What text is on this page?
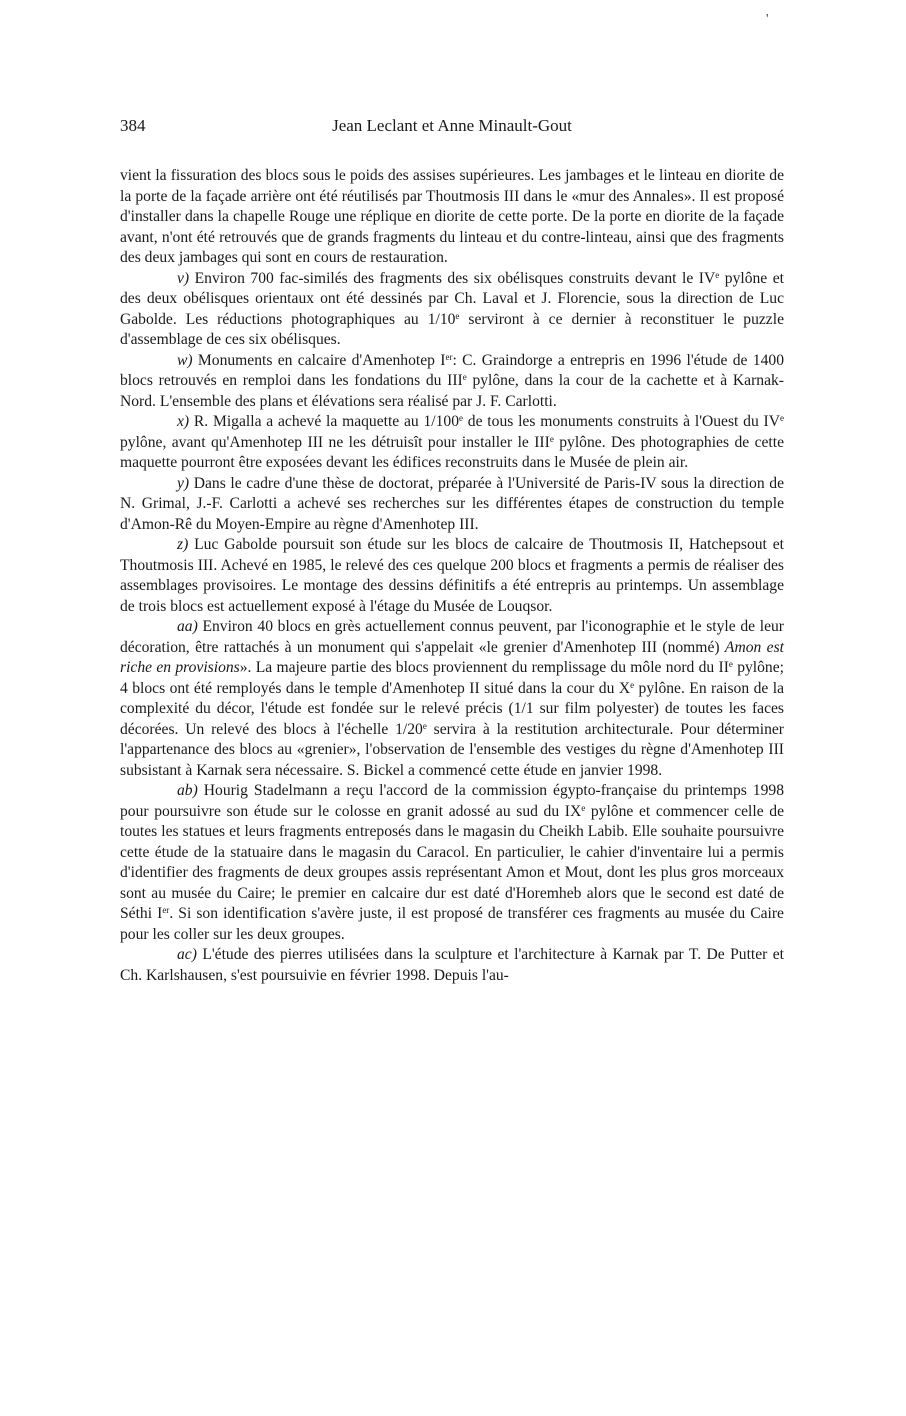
'
384	Jean Leclant et Anne Minault-Gout

vient la fissuration des blocs sous le poids des assises supérieures. Les jambages et le linteau en diorite de la porte de la façade arrière ont été réutilisés par Thoutmosis III dans le «mur des Annales». Il est proposé d'installer dans la chapelle Rouge une réplique en diorite de cette porte. De la porte en diorite de la façade avant, n'ont été retrouvés que de grands fragments du linteau et du contre-linteau, ainsi que des fragments des deux jambages qui sont en cours de restauration.

v) Environ 700 fac-similés des fragments des six obélisques construits devant le IVe pylône et des deux obélisques orientaux ont été dessinés par Ch. Laval et J. Florencie, sous la direction de Luc Gabolde. Les réductions photographiques au 1/10e serviront à ce dernier à reconstituer le puzzle d'assemblage de ces six obélisques.

w) Monuments en calcaire d'Amenhotep Ier: C. Graindorge a entrepris en 1996 l'étude de 1400 blocs retrouvés en remploi dans les fondations du IIIe pylône, dans la cour de la cachette et à Karnak-Nord. L'ensemble des plans et élévations sera réalisé par J. F. Carlotti.

x) R. Migalla a achevé la maquette au 1/100e de tous les monuments construits à l'Ouest du IVe pylône, avant qu'Amenhotep III ne les détruisît pour installer le IIIe pylône. Des photographies de cette maquette pourront être exposées devant les édifices reconstruits dans le Musée de plein air.

y) Dans le cadre d'une thèse de doctorat, préparée à l'Université de Paris-IV sous la direction de N. Grimal, J.-F. Carlotti a achevé ses recherches sur les différentes étapes de construction du temple d'Amon-Rê du Moyen-Empire au règne d'Amenhotep III.

z) Luc Gabolde poursuit son étude sur les blocs de calcaire de Thoutmosis II, Hatchepsout et Thoutmosis III. Achevé en 1985, le relevé des ces quelque 200 blocs et fragments a permis de réaliser des assemblages provisoires. Le montage des dessins définitifs a été entrepris au printemps. Un assemblage de trois blocs est actuellement exposé à l'étage du Musée de Louqsor.

aa) Environ 40 blocs en grès actuellement connus peuvent, par l'iconographie et le style de leur décoration, être rattachés à un monument qui s'appelait «le grenier d'Amenhotep III (nommé) Amon est riche en provisions». La majeure partie des blocs proviennent du remplissage du môle nord du IIe pylône; 4 blocs ont été remployés dans le temple d'Amenhotep II situé dans la cour du Xe pylône. En raison de la complexité du décor, l'étude est fondée sur le relevé précis (1/1 sur film polyester) de toutes les faces décorées. Un relevé des blocs à l'échelle 1/20e servira à la restitution architecturale. Pour déterminer l'appartenance des blocs au «grenier», l'observation de l'ensemble des vestiges du règne d'Amenhotep III subsistant à Karnak sera nécessaire. S. Bickel a commencé cette étude en janvier 1998.

ab) Hourig Stadelmann a reçu l'accord de la commission égypto-française du printemps 1998 pour poursuivre son étude sur le colosse en granit adossé au sud du IXe pylône et commencer celle de toutes les statues et leurs fragments entreposés dans le magasin du Cheikh Labib. Elle souhaite poursuivre cette étude de la statuaire dans le magasin du Caracol. En particulier, le cahier d'inventaire lui a permis d'identifier des fragments de deux groupes assis représentant Amon et Mout, dont les plus gros morceaux sont au musée du Caire; le premier en calcaire dur est daté d'Horemheb alors que le second est daté de Séthi Ier. Si son identification s'avère juste, il est proposé de transférer ces fragments au musée du Caire pour les coller sur les deux groupes.

ac) L'étude des pierres utilisées dans la sculpture et l'architecture à Karnak par T. De Putter et Ch. Karlshausen, s'est poursuivie en février 1998. Depuis l'au-
